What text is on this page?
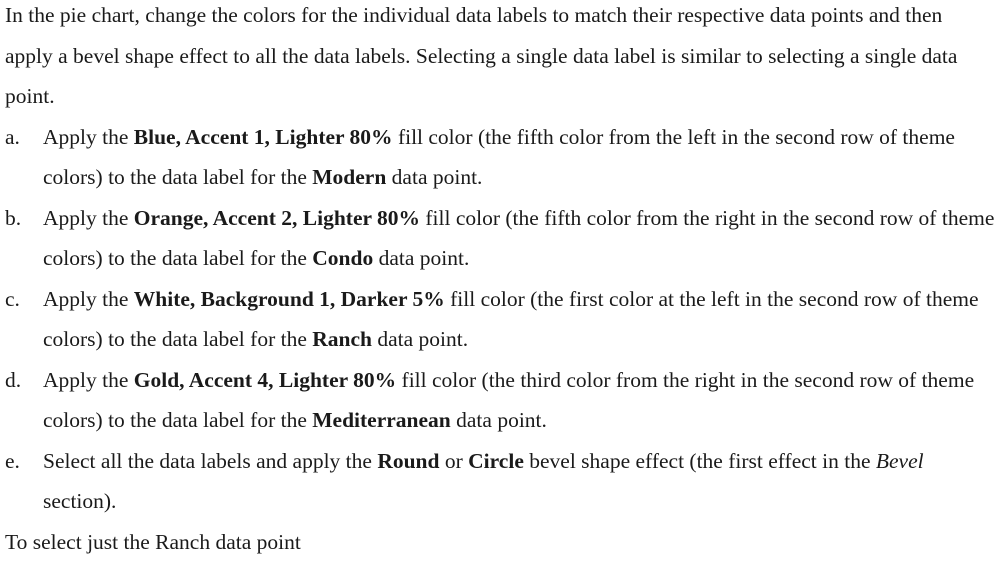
In the pie chart, change the colors for the individual data labels to match their respective data points and then apply a bevel shape effect to all the data labels. Selecting a single data label is similar to selecting a single data point.

a. Apply the Blue, Accent 1, Lighter 80% fill color (the fifth color from the left in the second row of theme colors) to the data label for the Modern data point.
b. Apply the Orange, Accent 2, Lighter 80% fill color (the fifth color from the right in the second row of theme colors) to the data label for the Condo data point.
c. Apply the White, Background 1, Darker 5% fill color (the first color at the left in the second row of theme colors) to the data label for the Ranch data point.
d. Apply the Gold, Accent 4, Lighter 80% fill color (the third color from the right in the second row of theme colors) to the data label for the Mediterranean data point.
e. Select all the data labels and apply the Round or Circle bevel shape effect (the first effect in the Bevel section).

To select just the Ranch data point
